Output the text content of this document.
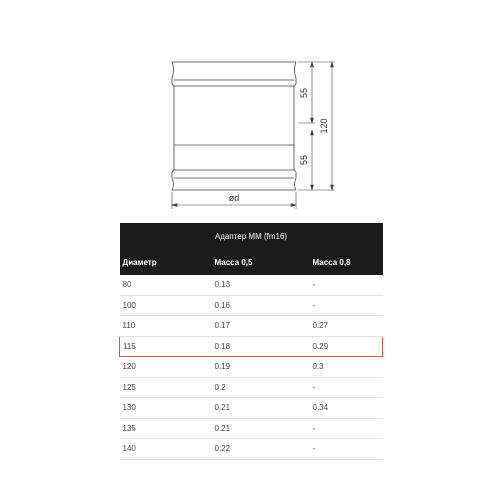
55
55
120
ød
Адаптер ММ (fm16)		
Диаметр	Масса 0,5	Масса 0,8
80	0.13	-
100	0.16	-
110	0.17	0.27
115	0.18	0.29
120	0.19	0.3
125	0.2	-
130	0.21	0.34
135	0.21	-
140	0.22	-
